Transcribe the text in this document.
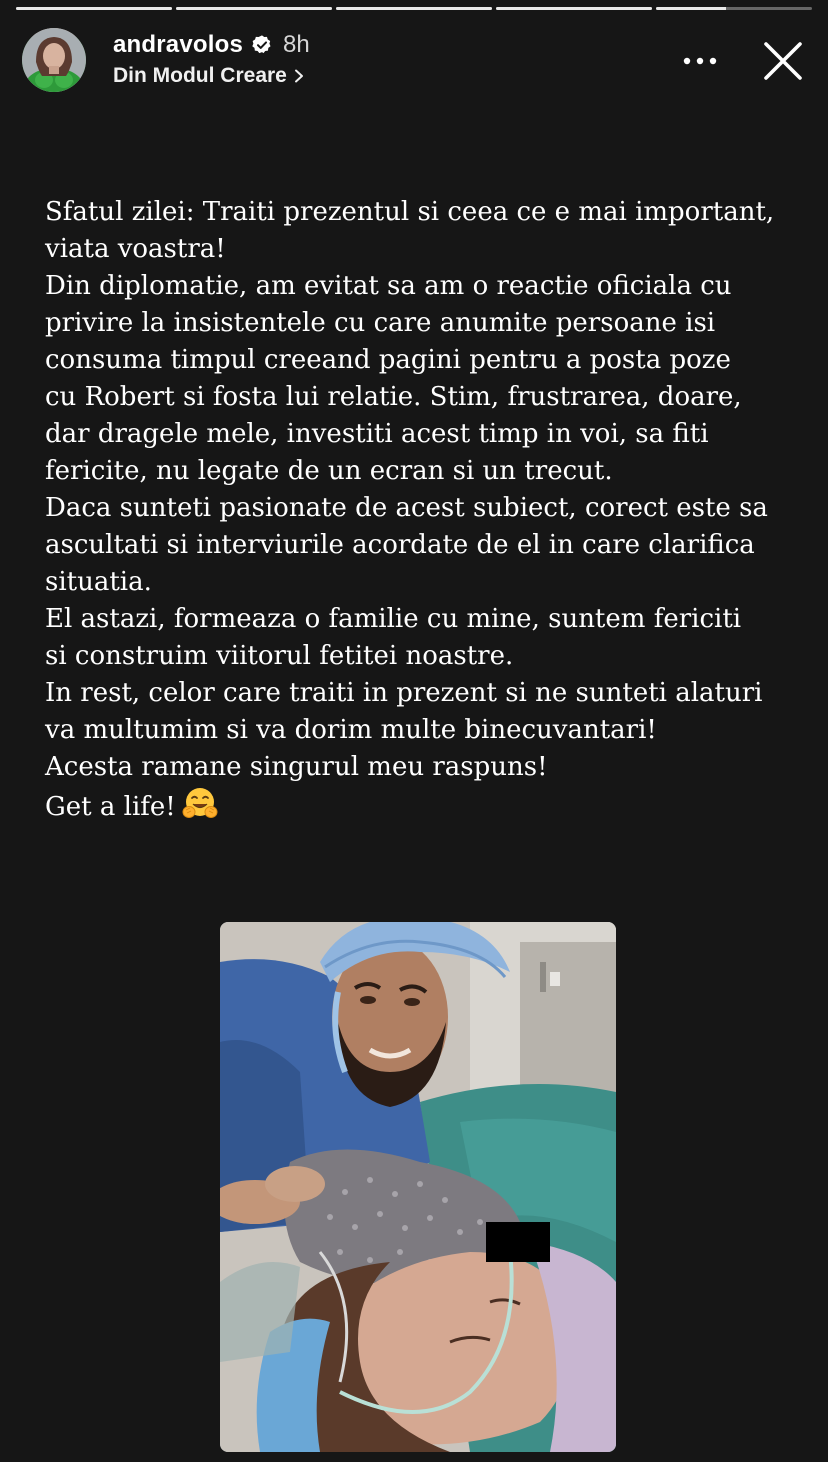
andravolos 8h
Din Modul Creare
Sfatul zilei: Traiti prezentul si ceea ce e mai important,
viata voastra!
Din diplomatie, am evitat sa am o reactie oficiala cu
privire la insistentele cu care anumite persoane isi
consuma timpul creeand pagini pentru a posta poze
cu Robert si fosta lui relatie. Stim, frustrarea, doare,
dar dragele mele, investiti acest timp in voi, sa fiti
fericite, nu legate de un ecran si un trecut.
Daca sunteti pasionate de acest subiect, corect este sa
ascultati si interviurile acordate de el in care clarifica
situatia.
El astazi, formeaza o familie cu mine, suntem fericiti
si construim viitorul fetitei noastre.
In rest, celor care traiti in prezent si ne sunteti alaturi
va multumim si va dorim multe binecuvantari!
Acesta ramane singurul meu raspuns!
Get a life!
